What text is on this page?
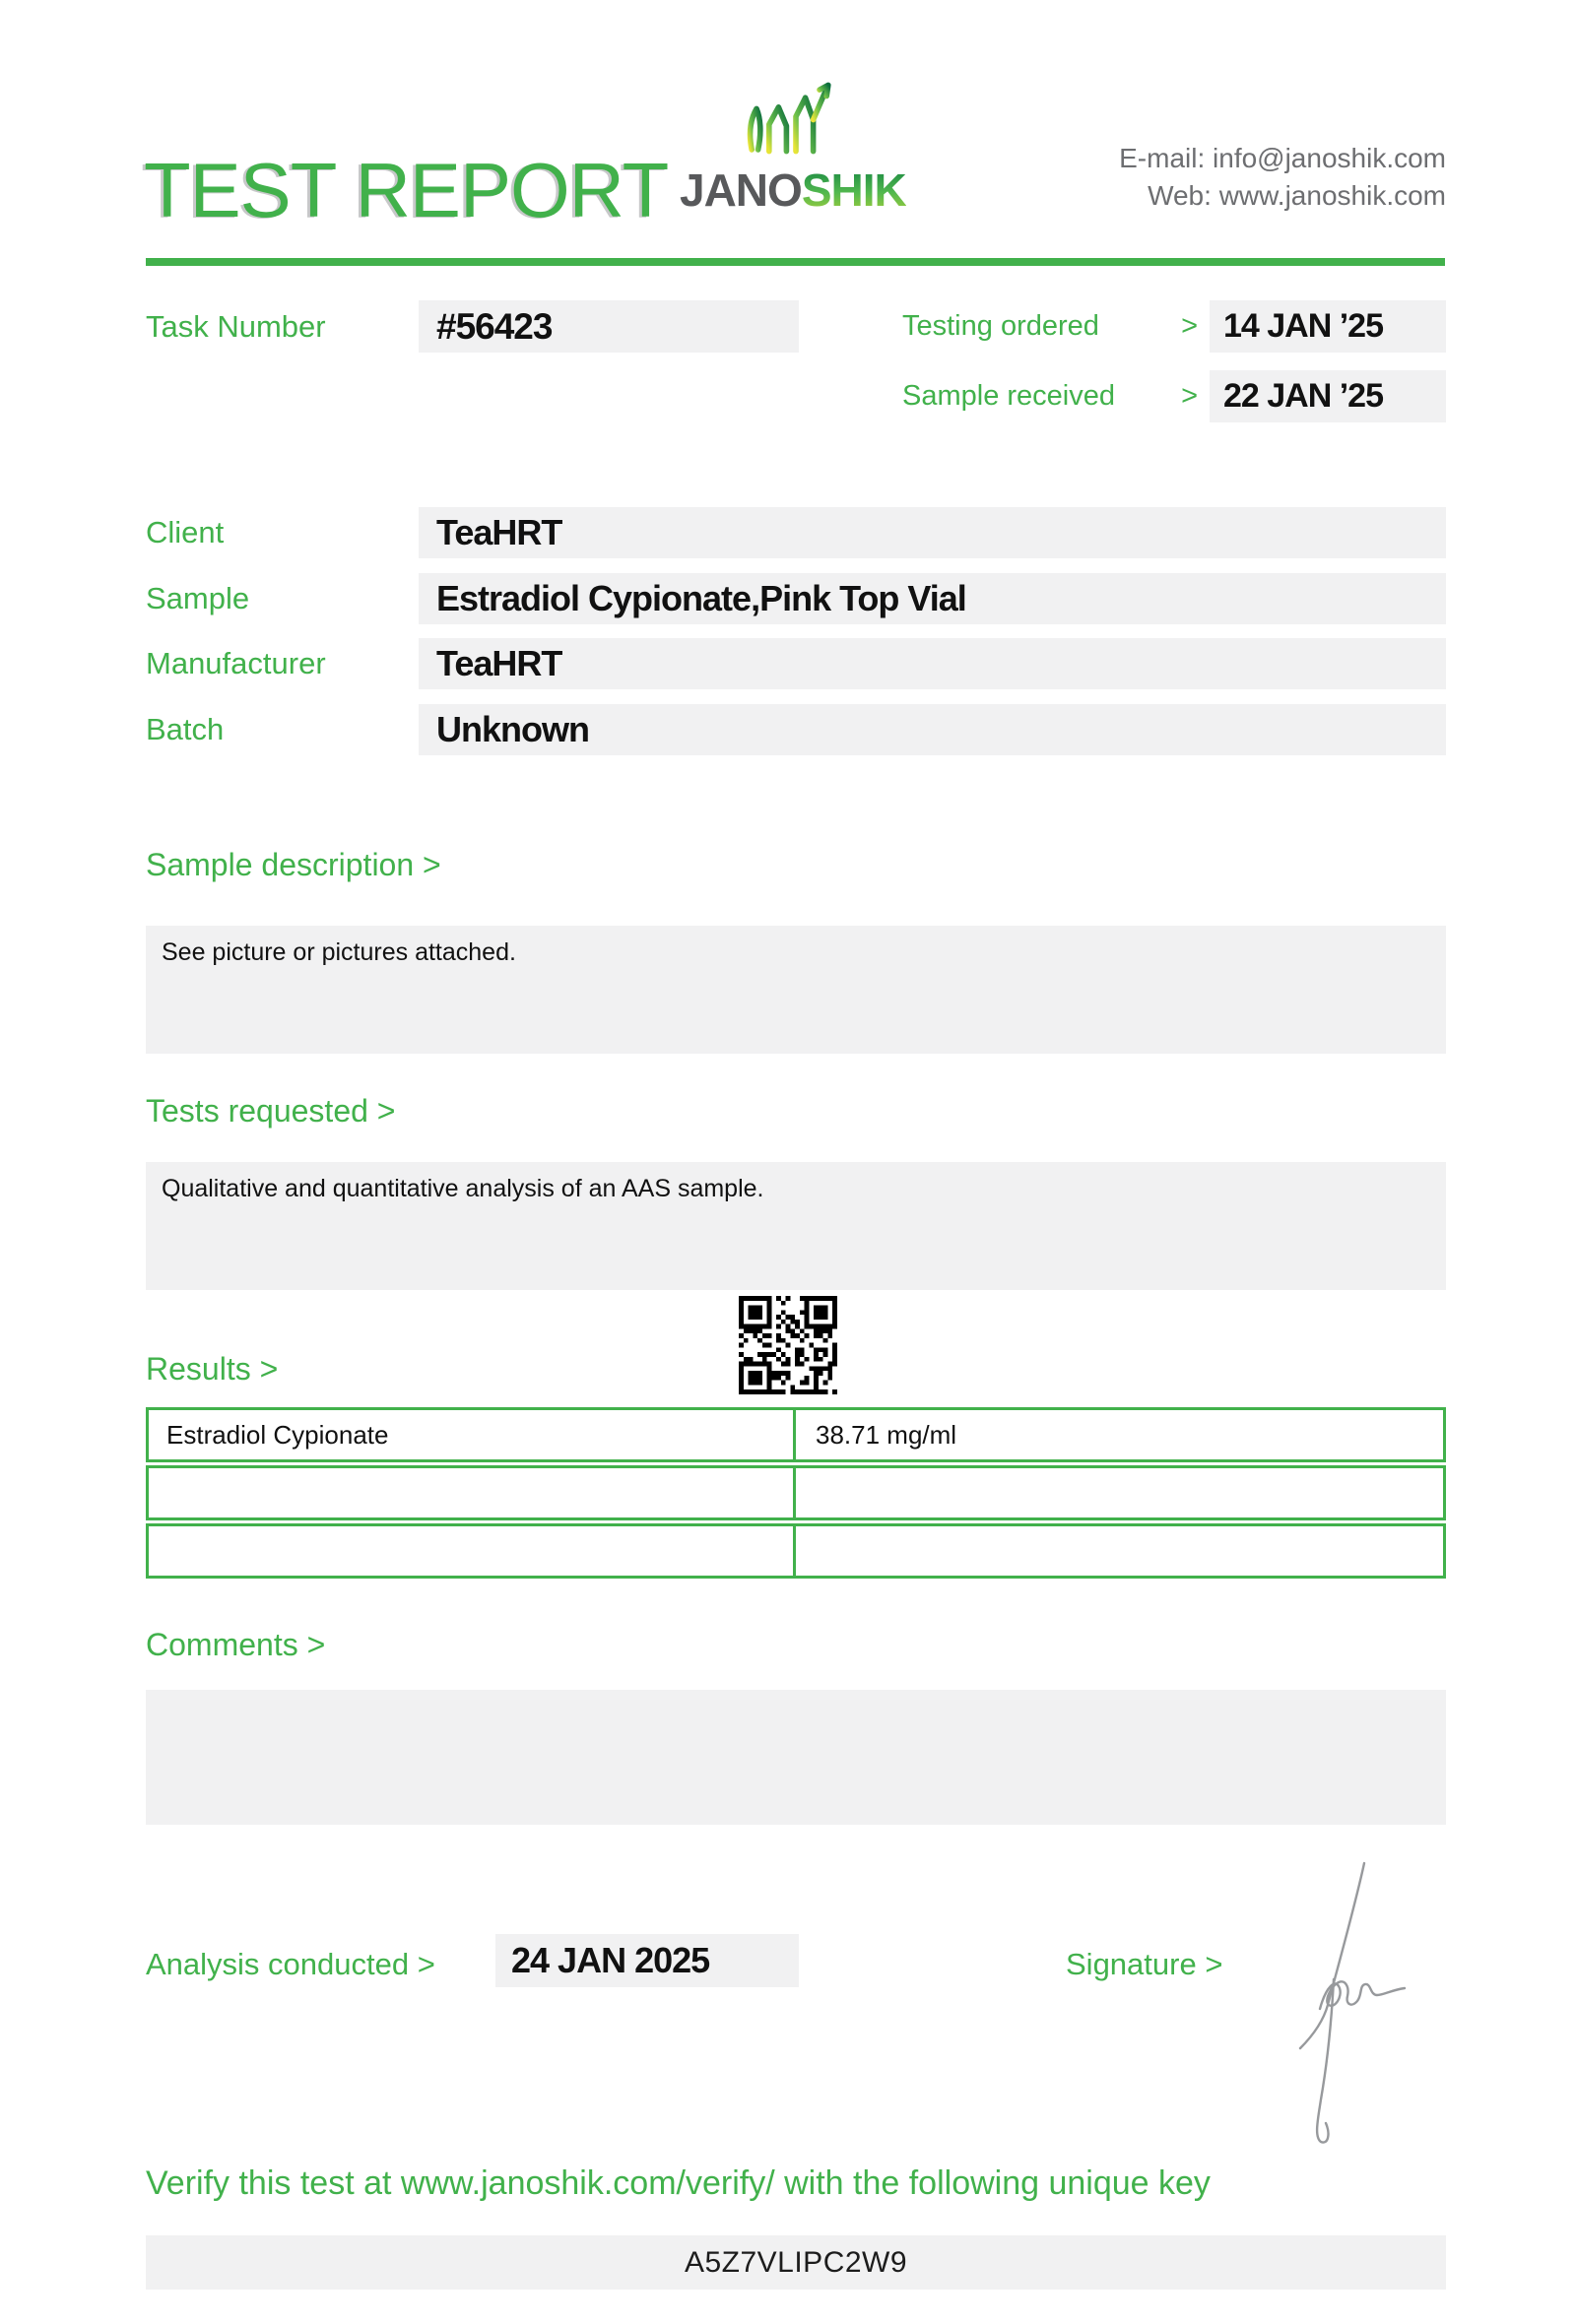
TEST REPORT JANOSHIK
E-mail: info@janoshik.com
Web: www.janoshik.com
Task Number	#56423	Testing ordered	> 14 JAN ’25
Sample received > 22 JAN ’25
Client	TeaHRT
Sample	Estradiol Cypionate,Pink Top Vial
Manufacturer	TeaHRT
Batch	Unknown
Sample description >
See picture or pictures attached.
Tests requested >
Qualitative and quantitative analysis of an AAS sample.
Results >
Estradiol Cypionate	38.71 mg/ml
Comments >
Analysis conducted >	24 JAN 2025	Signature >
Verify this test at www.janoshik.com/verify/ with the following unique key
A5Z7VLIPC2W9
